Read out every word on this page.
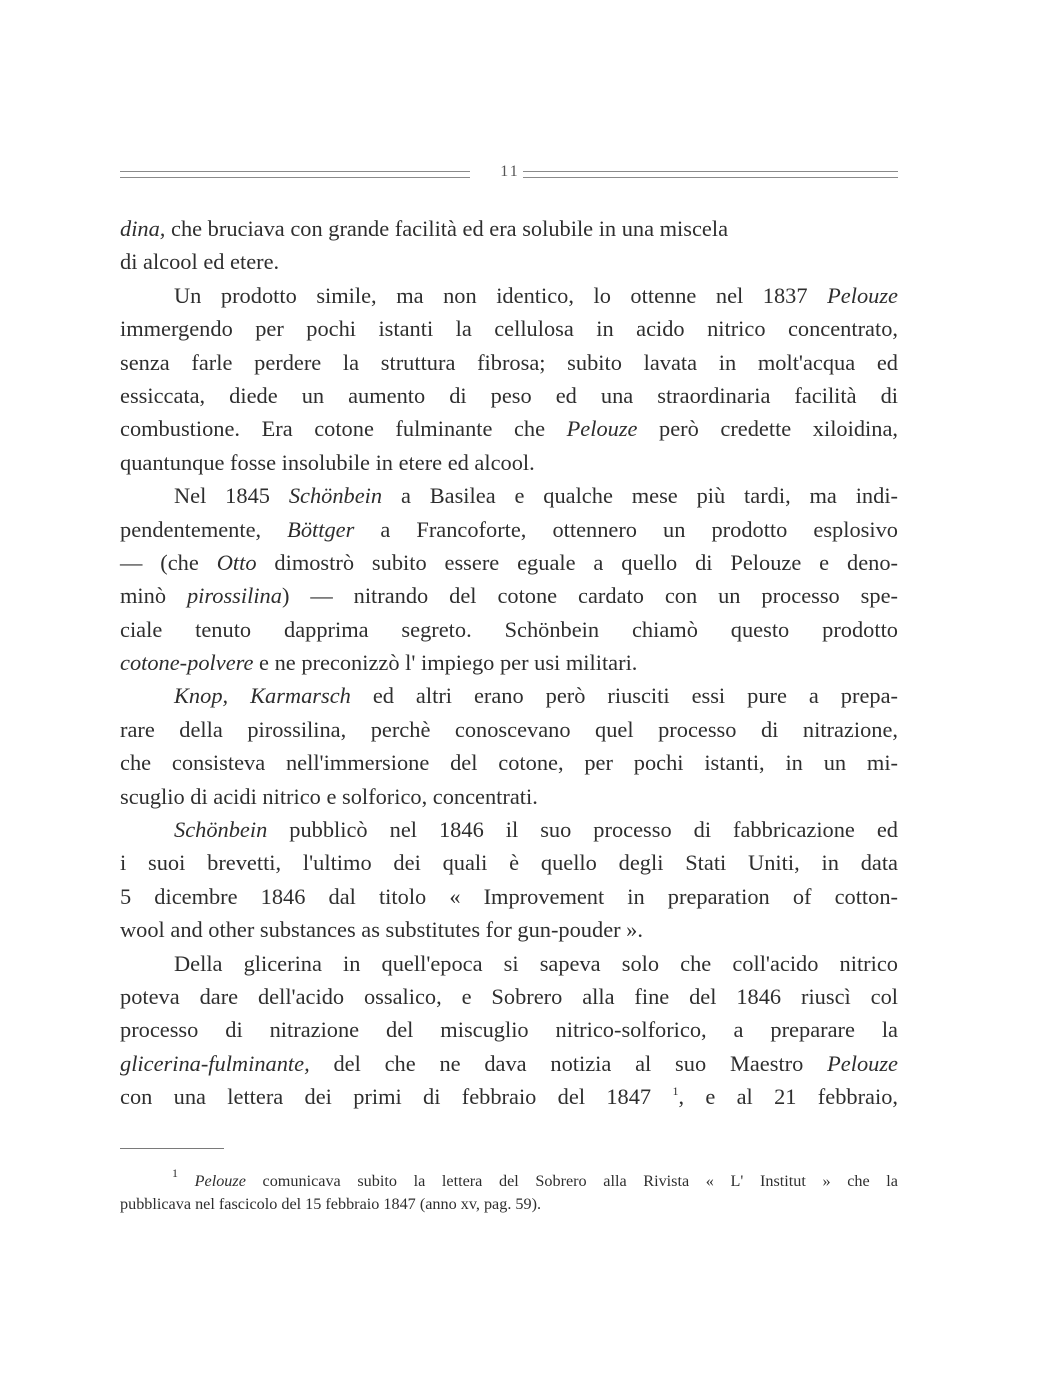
11
dina, che bruciava con grande facilità ed era solubile in una miscela
di alcool ed etere.
Un prodotto simile, ma non identico, lo ottenne nel 1837 Pelouze
immergendo per pochi istanti la cellulosa in acido nitrico concentrato,
senza farle perdere la struttura fibrosa; subito lavata in molt'acqua ed
essiccata, diede un aumento di peso ed una straordinaria facilità di
combustione. Era cotone fulminante che Pelouze però credette xiloidina,
quantunque fosse insolubile in etere ed alcool.
Nel 1845 Schönbein a Basilea e qualche mese più tardi, ma indi-
pendentemente, Böttger a Francoforte, ottennero un prodotto esplosivo
— (che Otto dimostrò subito essere eguale a quello di Pelouze e deno-
minò pirossilina) — nitrando del cotone cardato con un processo spe-
ciale tenuto dapprima segreto. Schönbein chiamò questo prodotto
cotone-polvere e ne preconizzò l' impiego per usi militari.
Knop, Karmarsch ed altri erano però riusciti essi pure a prepa-
rare della pirossilina, perchè conoscevano quel processo di nitrazione,
che consisteva nell'immersione del cotone, per pochi istanti, in un mi-
scuglio di acidi nitrico e solforico, concentrati.
Schönbein pubblicò nel 1846 il suo processo di fabbricazione ed
i suoi brevetti, l'ultimo dei quali è quello degli Stati Uniti, in data
5 dicembre 1846 dal titolo « Improvement in preparation of cotton-
wool and other substances as substitutes for gun-pouder ».
Della glicerina in quell'epoca si sapeva solo che coll'acido nitrico
poteva dare dell'acido ossalico, e Sobrero alla fine del 1846 riuscì col
processo di nitrazione del miscuglio nitrico-solforico, a preparare la
glicerina-fulminante, del che ne dava notizia al suo Maestro Pelouze
con una lettera dei primi di febbraio del 1847 $^1$, e al 21 febbraio,
$^1$ Pelouze comunicava subito la lettera del Sobrero alla Rivista « L' Institut » che la
pubblicava nel fascicolo del 15 febbraio 1847 (anno xv, pag. 59).
